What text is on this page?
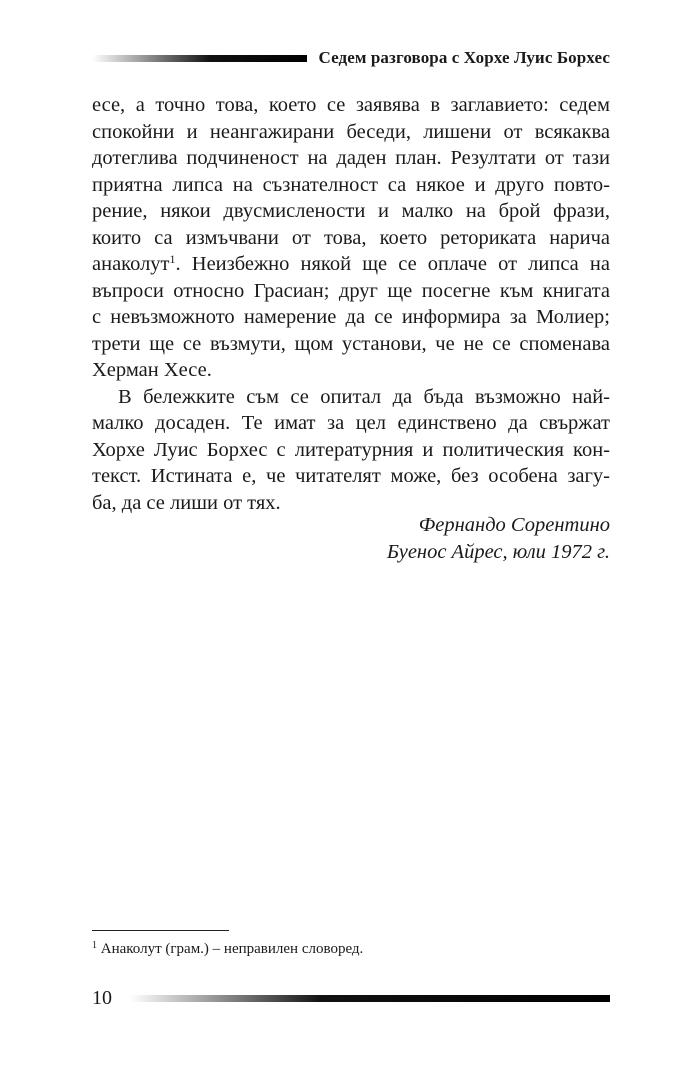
Седем разговора с Хорхе Луис Борхес
есе, а точно това, което се заявява в заглавието: седем
спокойни и неангажирани беседи, лишени от всякаква
дотеглива подчиненост на даден план. Резултати от тази
приятна липса на съзнателност са някое и друго повто-
рение, някои двусмислености и малко на брой фрази,
които са измъчвани от това, което реториката нарича
анаколут$^1$. Неизбежно някой ще се оплаче от липса на
въпроси относно Грасиан; друг ще посегне към книгата
с невъзможното намерение да се информира за Молиер;
трети ще се възмути, щом установи, че не се споменава
Херман Хесе.
В бележките съм се опитал да бъда възможно най-
малко досаден. Те имат за цел единствено да свържат
Хорхе Луис Борхес с литературния и политическия кон-
текст. Истината е, че читателят може, без особена загу-
ба, да се лиши от тях.
Фернандо Сорентино
Буенос Айрес, юли 1972 г.
$^1$ Анаколут (грам.) – неправилен словоред.
10
